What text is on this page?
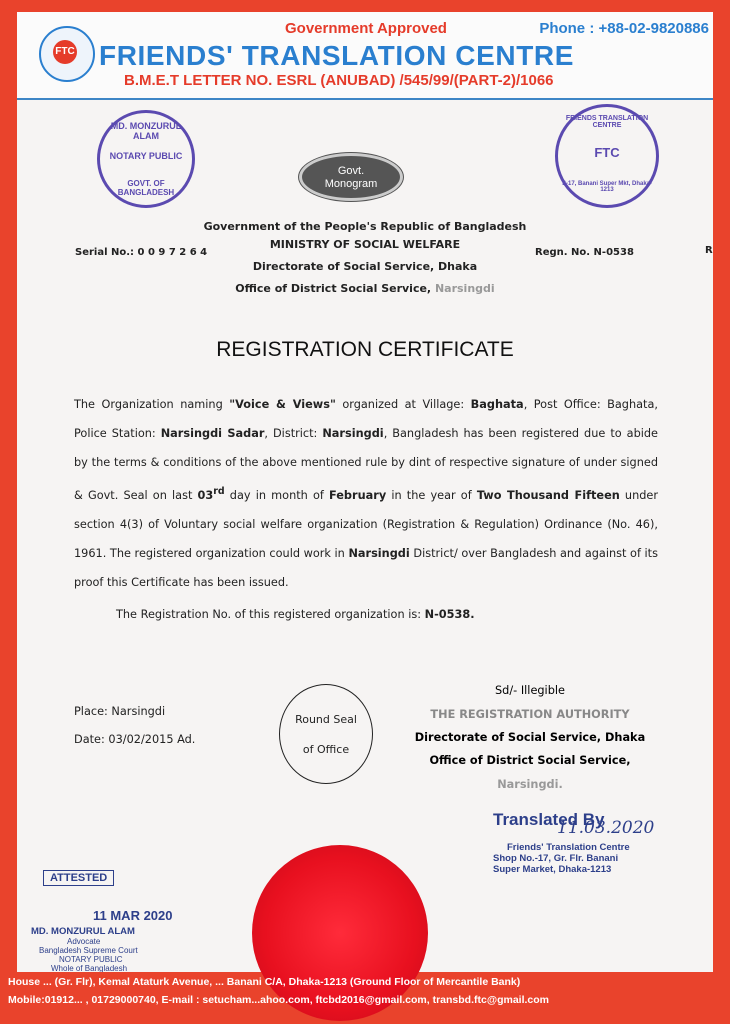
FTC
Government Approved	Phone : +88-02-9820886
FRIENDS' TRANSLATION CENTRE
B.M.E.T LETTER NO. ESRL (ANUBAD) /545/99/(PART-2)/1066
MD. MONZURUL ALAM
NOTARY PUBLIC
GOVT. OF BANGLADESH
FRIENDS TRANSLATION CENTRE
FTC
S-17, Banani Super Mkt, Dhaka-1213
Govt.
Monogram
Government of the People's Republic of Bangladesh
MINISTRY OF SOCIAL WELFARE
Serial No.: 0 0 9 7 2 6 4	Regn. No. N-0538	R
Directorate of Social Service, Dhaka
Office of District Social Service, Narsingdi
REGISTRATION CERTIFICATE
The Organization naming "Voice & Views" organized at Village: Baghata, Post Office: Baghata, Police Station: Narsingdi Sadar, District: Narsingdi, Bangladesh has been registered due to abide by the terms & conditions of the above mentioned rule by dint of respective signature of under signed & Govt. Seal on last 03rd day in month of February in the year of Two Thousand Fifteen under section 4(3) of Voluntary social welfare organization (Registration & Regulation) Ordinance (No. 46), 1961. The registered organization could work in Narsingdi District/ over Bangladesh and against of its proof this Certificate has been issued.
The Registration No. of this registered organization is: N-0538.
Place: Narsingdi
Date: 03/02/2015 Ad.
Round Seal
of Office
Sd/- Illegible
THE REGISTRATION AUTHORITY
Directorate of Social Service, Dhaka
Office of District Social Service,
Narsingdi.
Translated By
11.03.2020
Friends' Translation Centre
Shop No.-17, Gr. Flr. Banani
Super Market, Dhaka-1213
ATTESTED
11 MAR 2020
MD. MONZURUL ALAM
Advocate
Bangladesh Supreme Court
NOTARY PUBLIC
Whole of Bangladesh
House ... (Gr. Flr), Kemal Ataturk Avenue, ... Banani C/A, Dhaka-1213 (Ground Floor of Mercantile Bank)
Mobile:01912... , 01729000740, E-mail : setucham...ahoo.com, ftcbd2016@gmail.com, transbd.ftc@gmail.com
